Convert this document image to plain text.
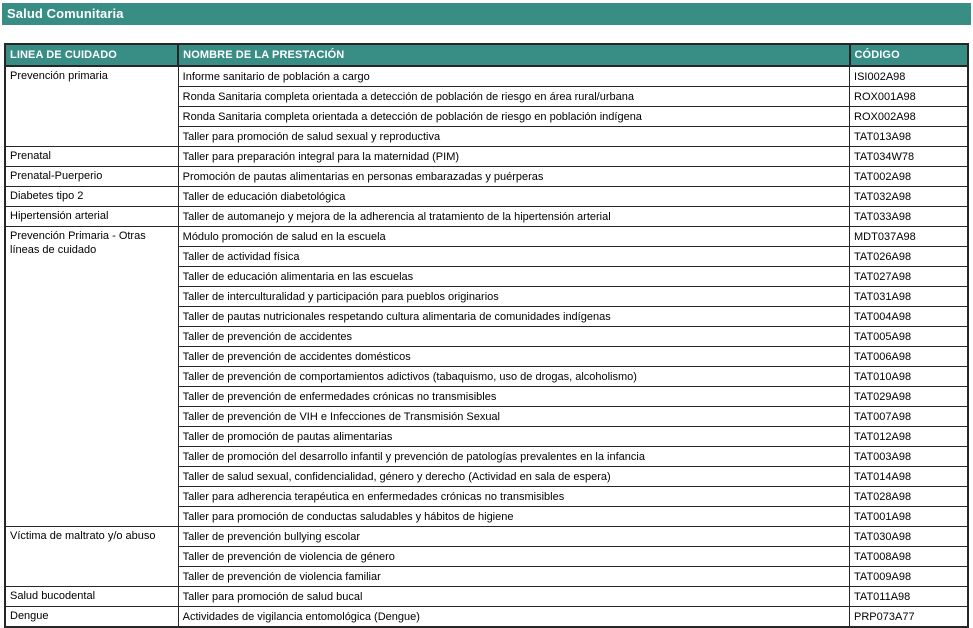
Salud Comunitaria
LINEA DE CUIDADO	NOMBRE DE LA PRESTACIÓN	CÓDIGO
Prevención primaria	Informe sanitario de población a cargo	ISI002A98
	Ronda Sanitaria completa orientada a detección de población de riesgo en área rural/urbana	ROX001A98
	Ronda Sanitaria completa orientada a detección de población de riesgo en población indígena	ROX002A98
	Taller para promoción de salud sexual y reproductiva	TAT013A98
Prenatal	Taller para preparación integral para la maternidad (PIM)	TAT034W78
Prenatal-Puerperio	Promoción de pautas alimentarias en personas embarazadas y puérperas	TAT002A98
Diabetes tipo 2	Taller de educación diabetológica	TAT032A98
Hipertensión arterial	Taller de automanejo y mejora de la adherencia al tratamiento de la hipertensión arterial	TAT033A98
Prevención Primaria - Otras líneas de cuidado	Módulo promoción de salud en la escuela	MDT037A98
	Taller de actividad física	TAT026A98
	Taller de educación alimentaria en las escuelas	TAT027A98
	Taller de interculturalidad y participación para pueblos originarios	TAT031A98
	Taller de pautas nutricionales respetando cultura alimentaria de comunidades indígenas	TAT004A98
	Taller de prevención de accidentes	TAT005A98
	Taller de prevención de accidentes domésticos	TAT006A98
	Taller de prevención de comportamientos adictivos (tabaquismo, uso de drogas, alcoholismo)	TAT010A98
	Taller de prevención de enfermedades crónicas no transmisibles	TAT029A98
	Taller de prevención de VIH e Infecciones de Transmisión Sexual	TAT007A98
	Taller de promoción de pautas alimentarias	TAT012A98
	Taller de promoción del desarrollo infantil y prevención de patologías prevalentes en la infancia	TAT003A98
	Taller de salud sexual, confidencialidad, género y derecho (Actividad en sala de espera)	TAT014A98
	Taller para adherencia terapéutica en enfermedades crónicas no transmisibles	TAT028A98
	Taller para promoción de conductas saludables y hábitos de higiene	TAT001A98
Víctima de maltrato y/o abuso	Taller de prevención bullying escolar	TAT030A98
	Taller de prevención de violencia de género	TAT008A98
	Taller de prevención de violencia familiar	TAT009A98
Salud bucodental	Taller para promoción de salud bucal	TAT011A98
Dengue	Actividades de vigilancia entomológica (Dengue)	PRP073A77
